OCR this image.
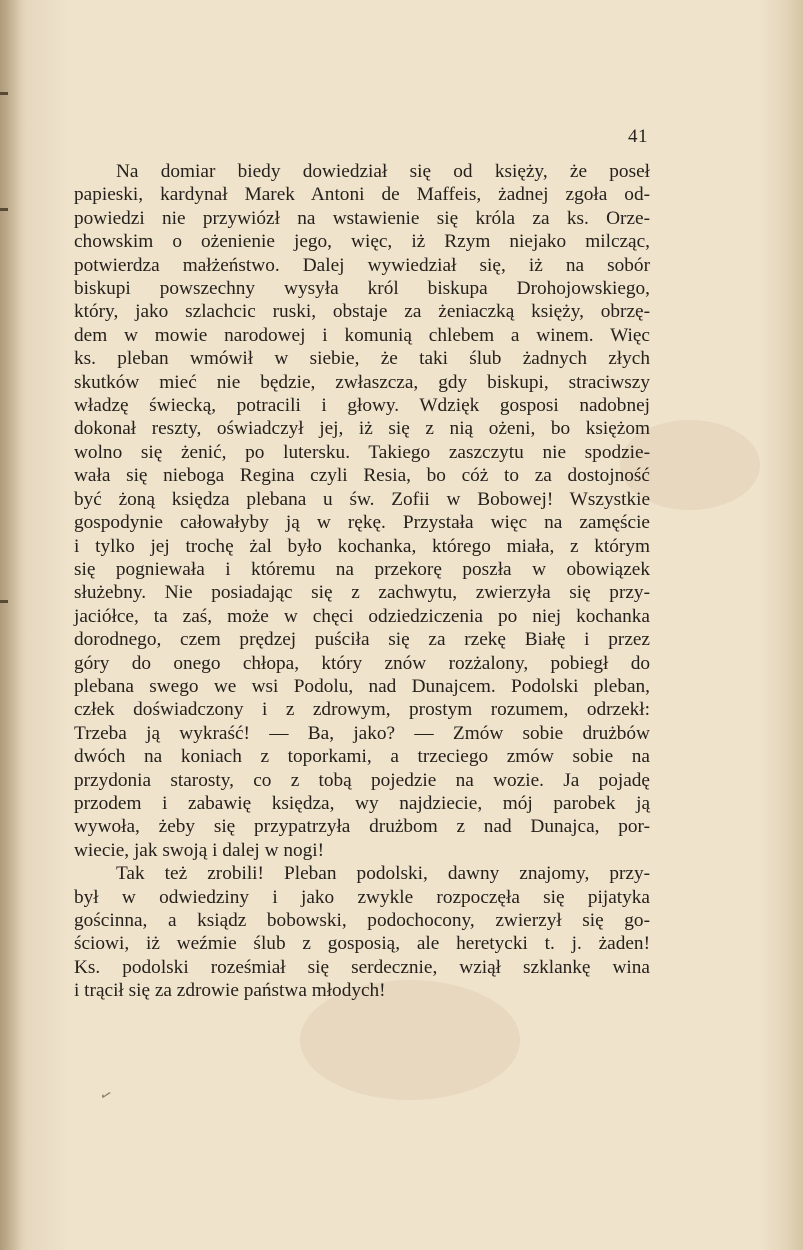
41
Na domiar biedy dowiedział się od księży, że poseł
papieski, kardynał Marek Antoni de Maffeis, żadnej zgoła od-
powiedzi nie przywiózł na wstawienie się króla za ks. Orze-
chowskim o ożenienie jego, więc, iż Rzym niejako milcząc,
potwierdza małżeństwo. Dalej wywiedział się, iż na sobór
biskupi powszechny wysyła król biskupa Drohojowskiego,
który, jako szlachcic ruski, obstaje za żeniaczką księży, obrzę-
dem w mowie narodowej i komunią chlebem a winem. Więc
ks. pleban wmówił w siebie, że taki ślub żadnych złych
skutków mieć nie będzie, zwłaszcza, gdy biskupi, straciwszy
władzę świecką, potracili i głowy. Wdzięk gosposi nadobnej
dokonał reszty, oświadczył jej, iż się z nią ożeni, bo księżom
wolno się żenić, po lutersku. Takiego zaszczytu nie spodzie-
wała się nieboga Regina czyli Resia, bo cóż to za dostojność
być żoną księdza plebana u św. Zofii w Bobowej! Wszystkie
gospodynie całowałyby ją w rękę. Przystała więc na zamęście
i tylko jej trochę żal było kochanka, którego miała, z którym
się pogniewała i któremu na przekorę poszła w obowiązek
służebny. Nie posiadając się z zachwytu, zwierzyła się przy-
jaciółce, ta zaś, może w chęci odziedziczenia po niej kochanka
dorodnego, czem prędzej puściła się za rzekę Białę i przez
góry do onego chłopa, który znów rozżalony, pobiegł do
plebana swego we wsi Podolu, nad Dunajcem. Podolski pleban,
człek doświadczony i z zdrowym, prostym rozumem, odrzekł:
Trzeba ją wykraść! — Ba, jako? — Zmów sobie drużbów
dwóch na koniach z toporkami, a trzeciego zmów sobie na
przydonia starosty, co z tobą pojedzie na wozie. Ja pojadę
przodem i zabawię księdza, wy najdziecie, mój parobek ją
wywoła, żeby się przypatrzyła drużbom z nad Dunajca, por-
wiecie, jak swoją i dalej w nogi!
Tak też zrobili! Pleban podolski, dawny znajomy, przy-
był w odwiedziny i jako zwykle rozpoczęła się pijatyka
gościnna, a ksiądz bobowski, podochocony, zwierzył się go-
ściowi, iż weźmie ślub z gosposią, ale heretycki t. j. żaden!
Ks. podolski roześmiał się serdecznie, wziął szklankę wina
i trącił się za zdrowie państwa młodych!
✓
